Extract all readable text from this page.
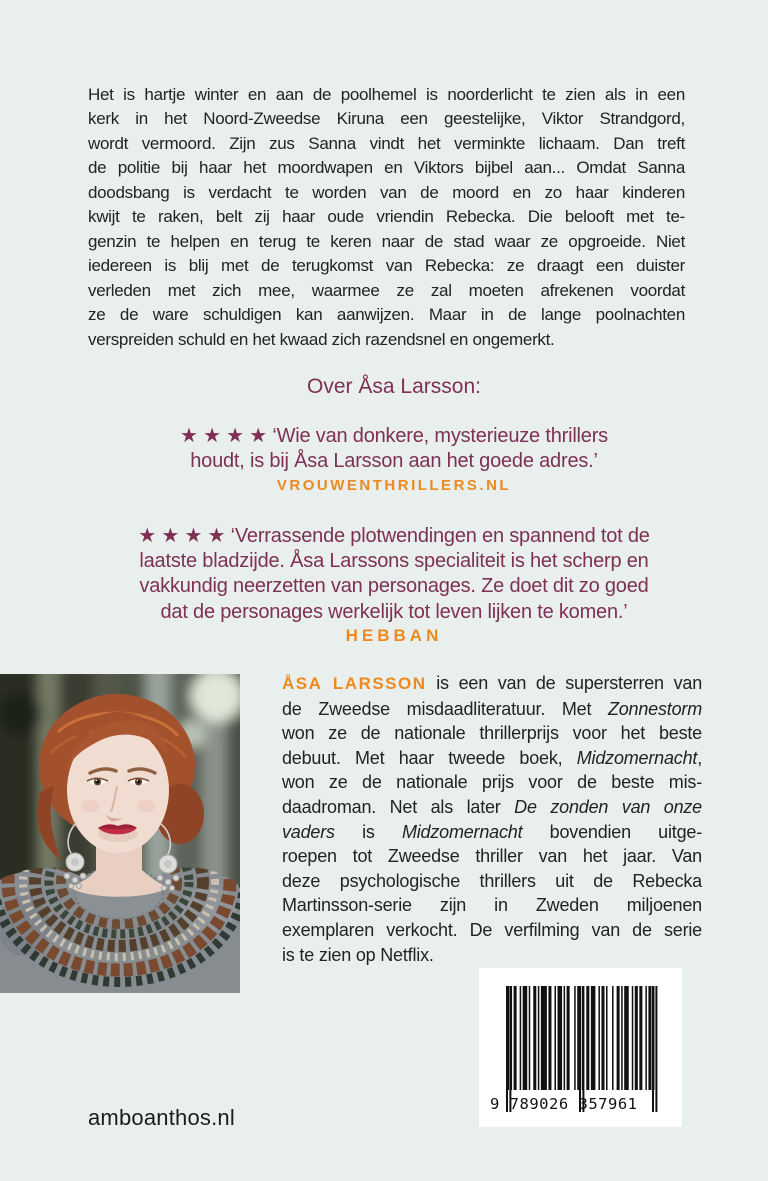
Het is hartje winter en aan de poolhemel is noorderlicht te zien als in een
kerk in het Noord-Zweedse Kiruna een geestelijke, Viktor Strandgord,
wordt vermoord. Zijn zus Sanna vindt het verminkte lichaam. Dan treft
de politie bij haar het moordwapen en Viktors bijbel aan... Omdat Sanna
doodsbang is verdacht te worden van de moord en zo haar kinderen
kwijt te raken, belt zij haar oude vriendin Rebecka. Die belooft met te-
genzin te helpen en terug te keren naar de stad waar ze opgroeide. Niet
iedereen is blij met de terugkomst van Rebecka: ze draagt een duister
verleden met zich mee, waarmee ze zal moeten afrekenen voordat
ze de ware schuldigen kan aanwijzen. Maar in de lange poolnachten
verspreiden schuld en het kwaad zich razendsnel en ongemerkt.
Over Åsa Larsson:
★ ★ ★ ★ ‘Wie van donkere, mysterieuze thrillers
houdt, is bij Åsa Larsson aan het goede adres.’
VROUWENTHRILLERS.NL
★ ★ ★ ★ ‘Verrassende plotwendingen en spannend tot de
laatste bladzijde. Åsa Larssons specialiteit is het scherp en
vakkundig neerzetten van personages. Ze doet dit zo goed
dat de personages werkelijk tot leven lijken te komen.’
HEBBAN
ÅSA LARSSON is een van de supersterren van
de Zweedse misdaadliteratuur. Met Zonnestorm
won ze de nationale thrillerprijs voor het beste
debuut. Met haar tweede boek, Midzomernacht,
won ze de nationale prijs voor de beste mis-
daadroman. Net als later De zonden van onze
vaders is Midzomernacht bovendien uitge-
roepen tot Zweedse thriller van het jaar. Van
deze psychologische thrillers uit de Rebecka
Martinsson-serie zijn in Zweden miljoenen
exemplaren verkocht. De verfilming van de serie
is te zien op Netflix.
9 789026 357961
amboanthos.nl
